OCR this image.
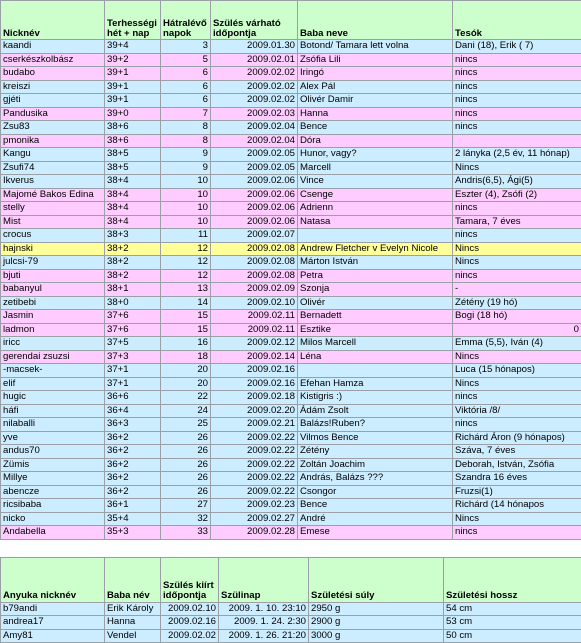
Nicknév	Terhességi hét + nap	Hátralévő napok	Szülés várható időpontja	Baba neve	Tesók
kaandi	39+4	3	2009.01.30	Botond/ Tamara lett volna	Dani (18), Erik ( 7)
cserkészkolbász	39+2	5	2009.02.01	Zsófia Lili	nincs
budabo	39+1	6	2009.02.02	Iringó	nincs
kreiszi	39+1	6	2009.02.02	Alex Pál	nincs
gjéti	39+1	6	2009.02.02	Olivér Damir	nincs
Pandusika	39+0	7	2009.02.03	Hanna	nincs
Zsu83	38+6	8	2009.02.04	Bence	nincs
pmonika	38+6	8	2009.02.04	Dóra	
Kangu	38+5	9	2009.02.05	Hunor, vagy?	2 lányka (2,5 év, 11 hónap)
Zsufi74	38+5	9	2009.02.05	Marcell	Nincs
Ikverus	38+4	10	2009.02.06	Vince	Andris(6,5), Ági(5)
Majomé Bakos Edina	38+4	10	2009.02.06	Csenge	Eszter (4), Zsófi (2)
stelly	38+4	10	2009.02.06	Adrienn	nincs
Mist	38+4	10	2009.02.06	Natasa	Tamara, 7 éves
crocus	38+3	11	2009.02.07		nincs
hajnski	38+2	12	2009.02.08	Andrew Fletcher v Evelyn Nicole	Nincs
julcsi-79	38+2	12	2009.02.08	Márton István	Nincs
bjuti	38+2	12	2009.02.08	Petra	nincs
babanyul	38+1	13	2009.02.09	Szonja	-
zetibebi	38+0	14	2009.02.10	Olivér	Zétény (19 hó)
Jasmin	37+6	15	2009.02.11	Bernadett	Bogi (18 hó)
ladmon	37+6	15	2009.02.11	Esztike	0
iricc	37+5	16	2009.02.12	Milos Marcell	Emma (5,5), Iván (4)
gerendai zsuzsi	37+3	18	2009.02.14	Léna	Nincs
-macsek-	37+1	20	2009.02.16		Luca (15 hónapos)
elif	37+1	20	2009.02.16	Efehan Hamza	Nincs
hugic	36+6	22	2009.02.18	Kistigris :)	nincs
háfi	36+4	24	2009.02.20	Ádám Zsolt	Viktória /8/
nilaballi	36+3	25	2009.02.21	Balázs!Ruben?	nincs
yve	36+2	26	2009.02.22	Vilmos Bence	Richárd Áron (9 hónapos)
andus70	36+2	26	2009.02.22	Zétény	Száva, 7 éves
Zümis	36+2	26	2009.02.22	Zoltán Joachim	Deborah, István, Zsófia
Millye	36+2	26	2009.02.22	András, Balázs ???	Szandra 16 éves
abencze	36+2	26	2009.02.22	Csongor	Fruzsi(1)
ricsibaba	36+1	27	2009.02.23	Bence	Richárd (14 hónapos
nicko	35+4	32	2009.02.27	André	Nincs
Andabella	35+3	33	2009.02.28	Emese	nincs
Anyuka nicknév	Baba név	Szülés kiírt időpontja	Szülinap	Születési súly	Születési hossz
b79andi	Erik Károly	2009.02.10	2009. 1. 10. 23:10	2950 g	54 cm
andrea17	Hanna	2009.02.16	2009. 1. 24. 2:30	2900 g	53 cm
Amy81	Vendel	2009.02.02	2009. 1. 26. 21:20	3000 g	50 cm
